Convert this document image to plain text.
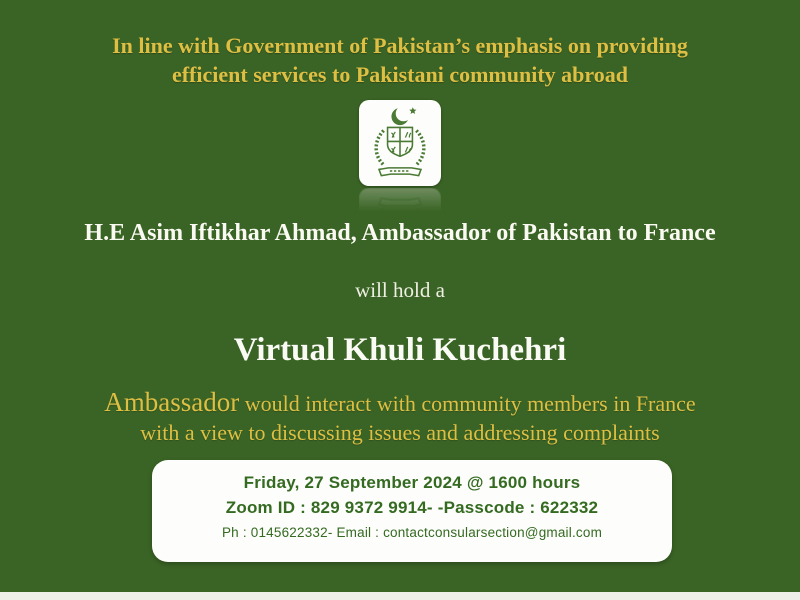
In line with Government of Pakistan’s emphasis on providing
efficient services to Pakistani community abroad
H.E Asim Iftikhar Ahmad, Ambassador of Pakistan to France
will hold a
Virtual Khuli Kuchehri
Ambassador would interact with community members in France
with a view to discussing issues and addressing complaints
Friday, 27 September 2024 @ 1600 hours
Zoom ID : 829 9372 9914- -Passcode : 622332
Ph : 0145622332- Email : contactconsularsection@gmail.com
